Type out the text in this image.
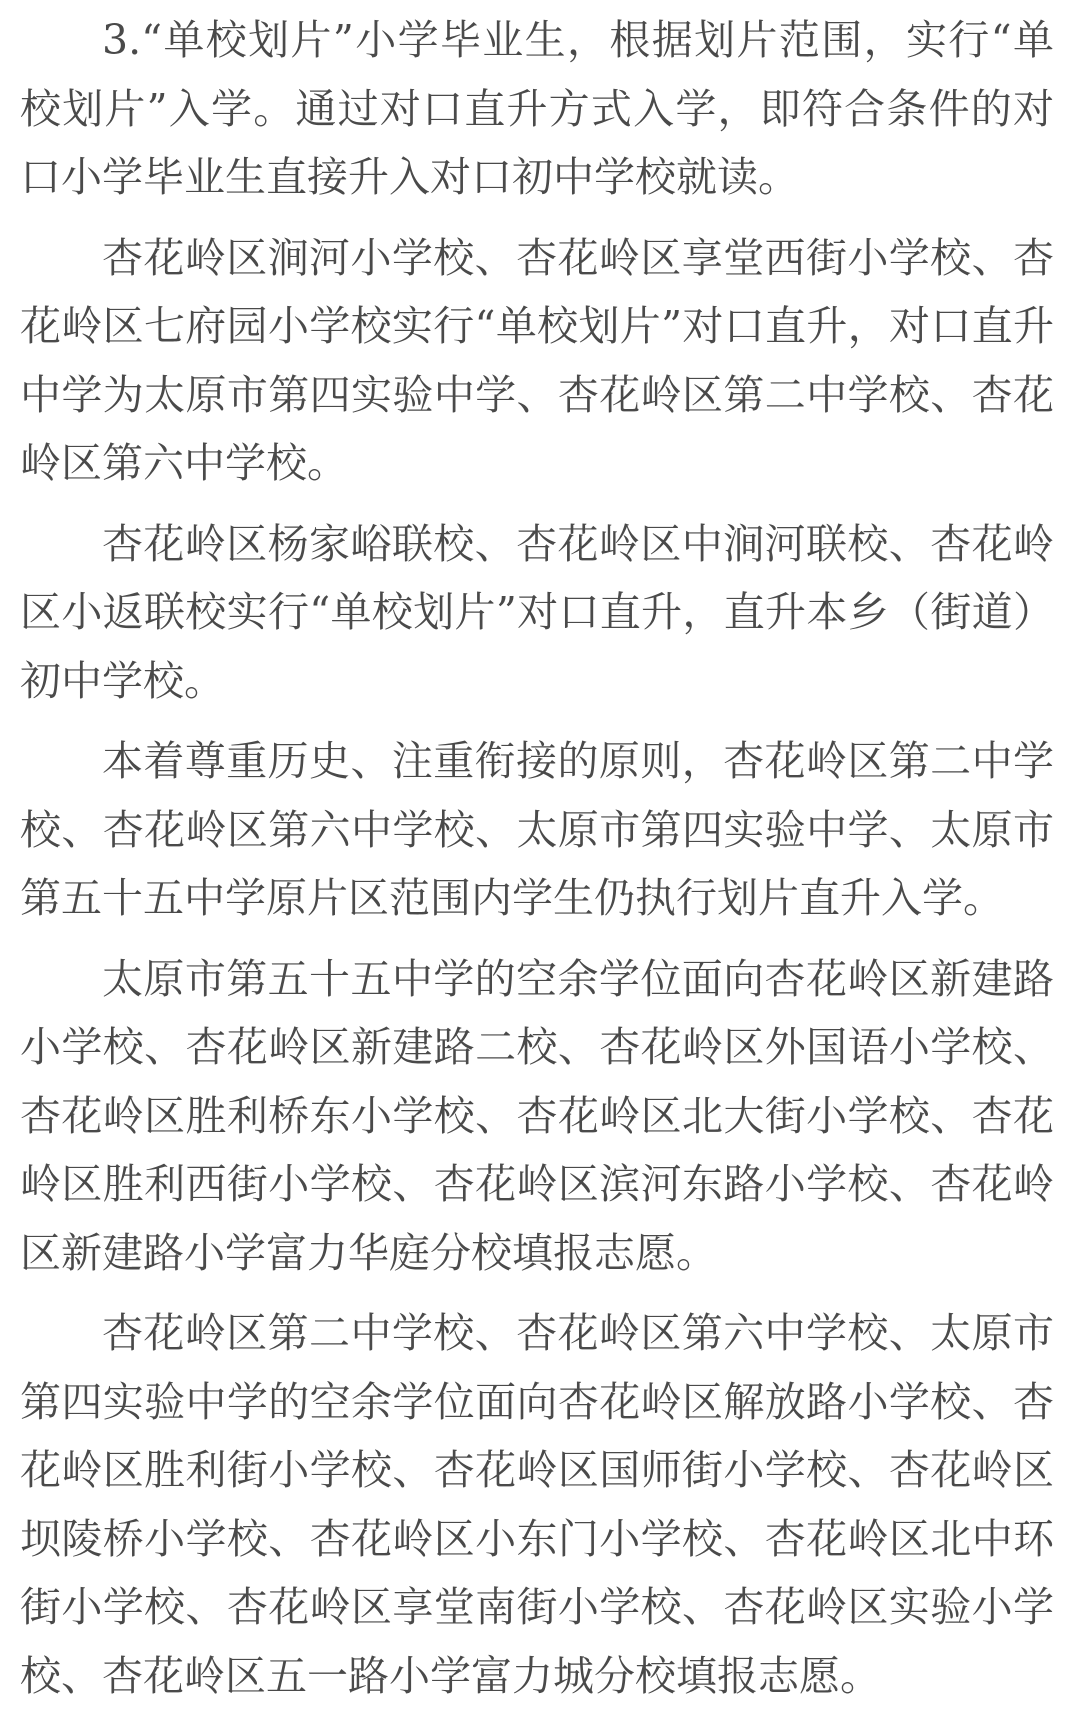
3.“单校划片”小学毕业生，根据划片范围，实行“单校划片”入学。通过对口直升方式入学，即符合条件的对口小学毕业生直接升入对口初中学校就读。

杏花岭区涧河小学校、杏花岭区享堂西街小学校、杏花岭区七府园小学校实行“单校划片”对口直升，对口直升中学为太原市第四实验中学、杏花岭区第二中学校、杏花岭区第六中学校。

杏花岭区杨家峪联校、杏花岭区中涧河联校、杏花岭区小返联校实行“单校划片”对口直升，直升本乡（街道）初中学校。

本着尊重历史、注重衔接的原则，杏花岭区第二中学校、杏花岭区第六中学校、太原市第四实验中学、太原市第五十五中学原片区范围内学生仍执行划片直升入学。

太原市第五十五中学的空余学位面向杏花岭区新建路小学校、杏花岭区新建路二校、杏花岭区外国语小学校、杏花岭区胜利桥东小学校、杏花岭区北大街小学校、杏花岭区胜利西街小学校、杏花岭区滨河东路小学校、杏花岭区新建路小学富力华庭分校填报志愿。

杏花岭区第二中学校、杏花岭区第六中学校、太原市第四实验中学的空余学位面向杏花岭区解放路小学校、杏花岭区胜利街小学校、杏花岭区国师街小学校、杏花岭区坝陵桥小学校、杏花岭区小东门小学校、杏花岭区北中环街小学校、杏花岭区享堂南街小学校、杏花岭区实验小学校、杏花岭区五一路小学富力城分校填报志愿。
